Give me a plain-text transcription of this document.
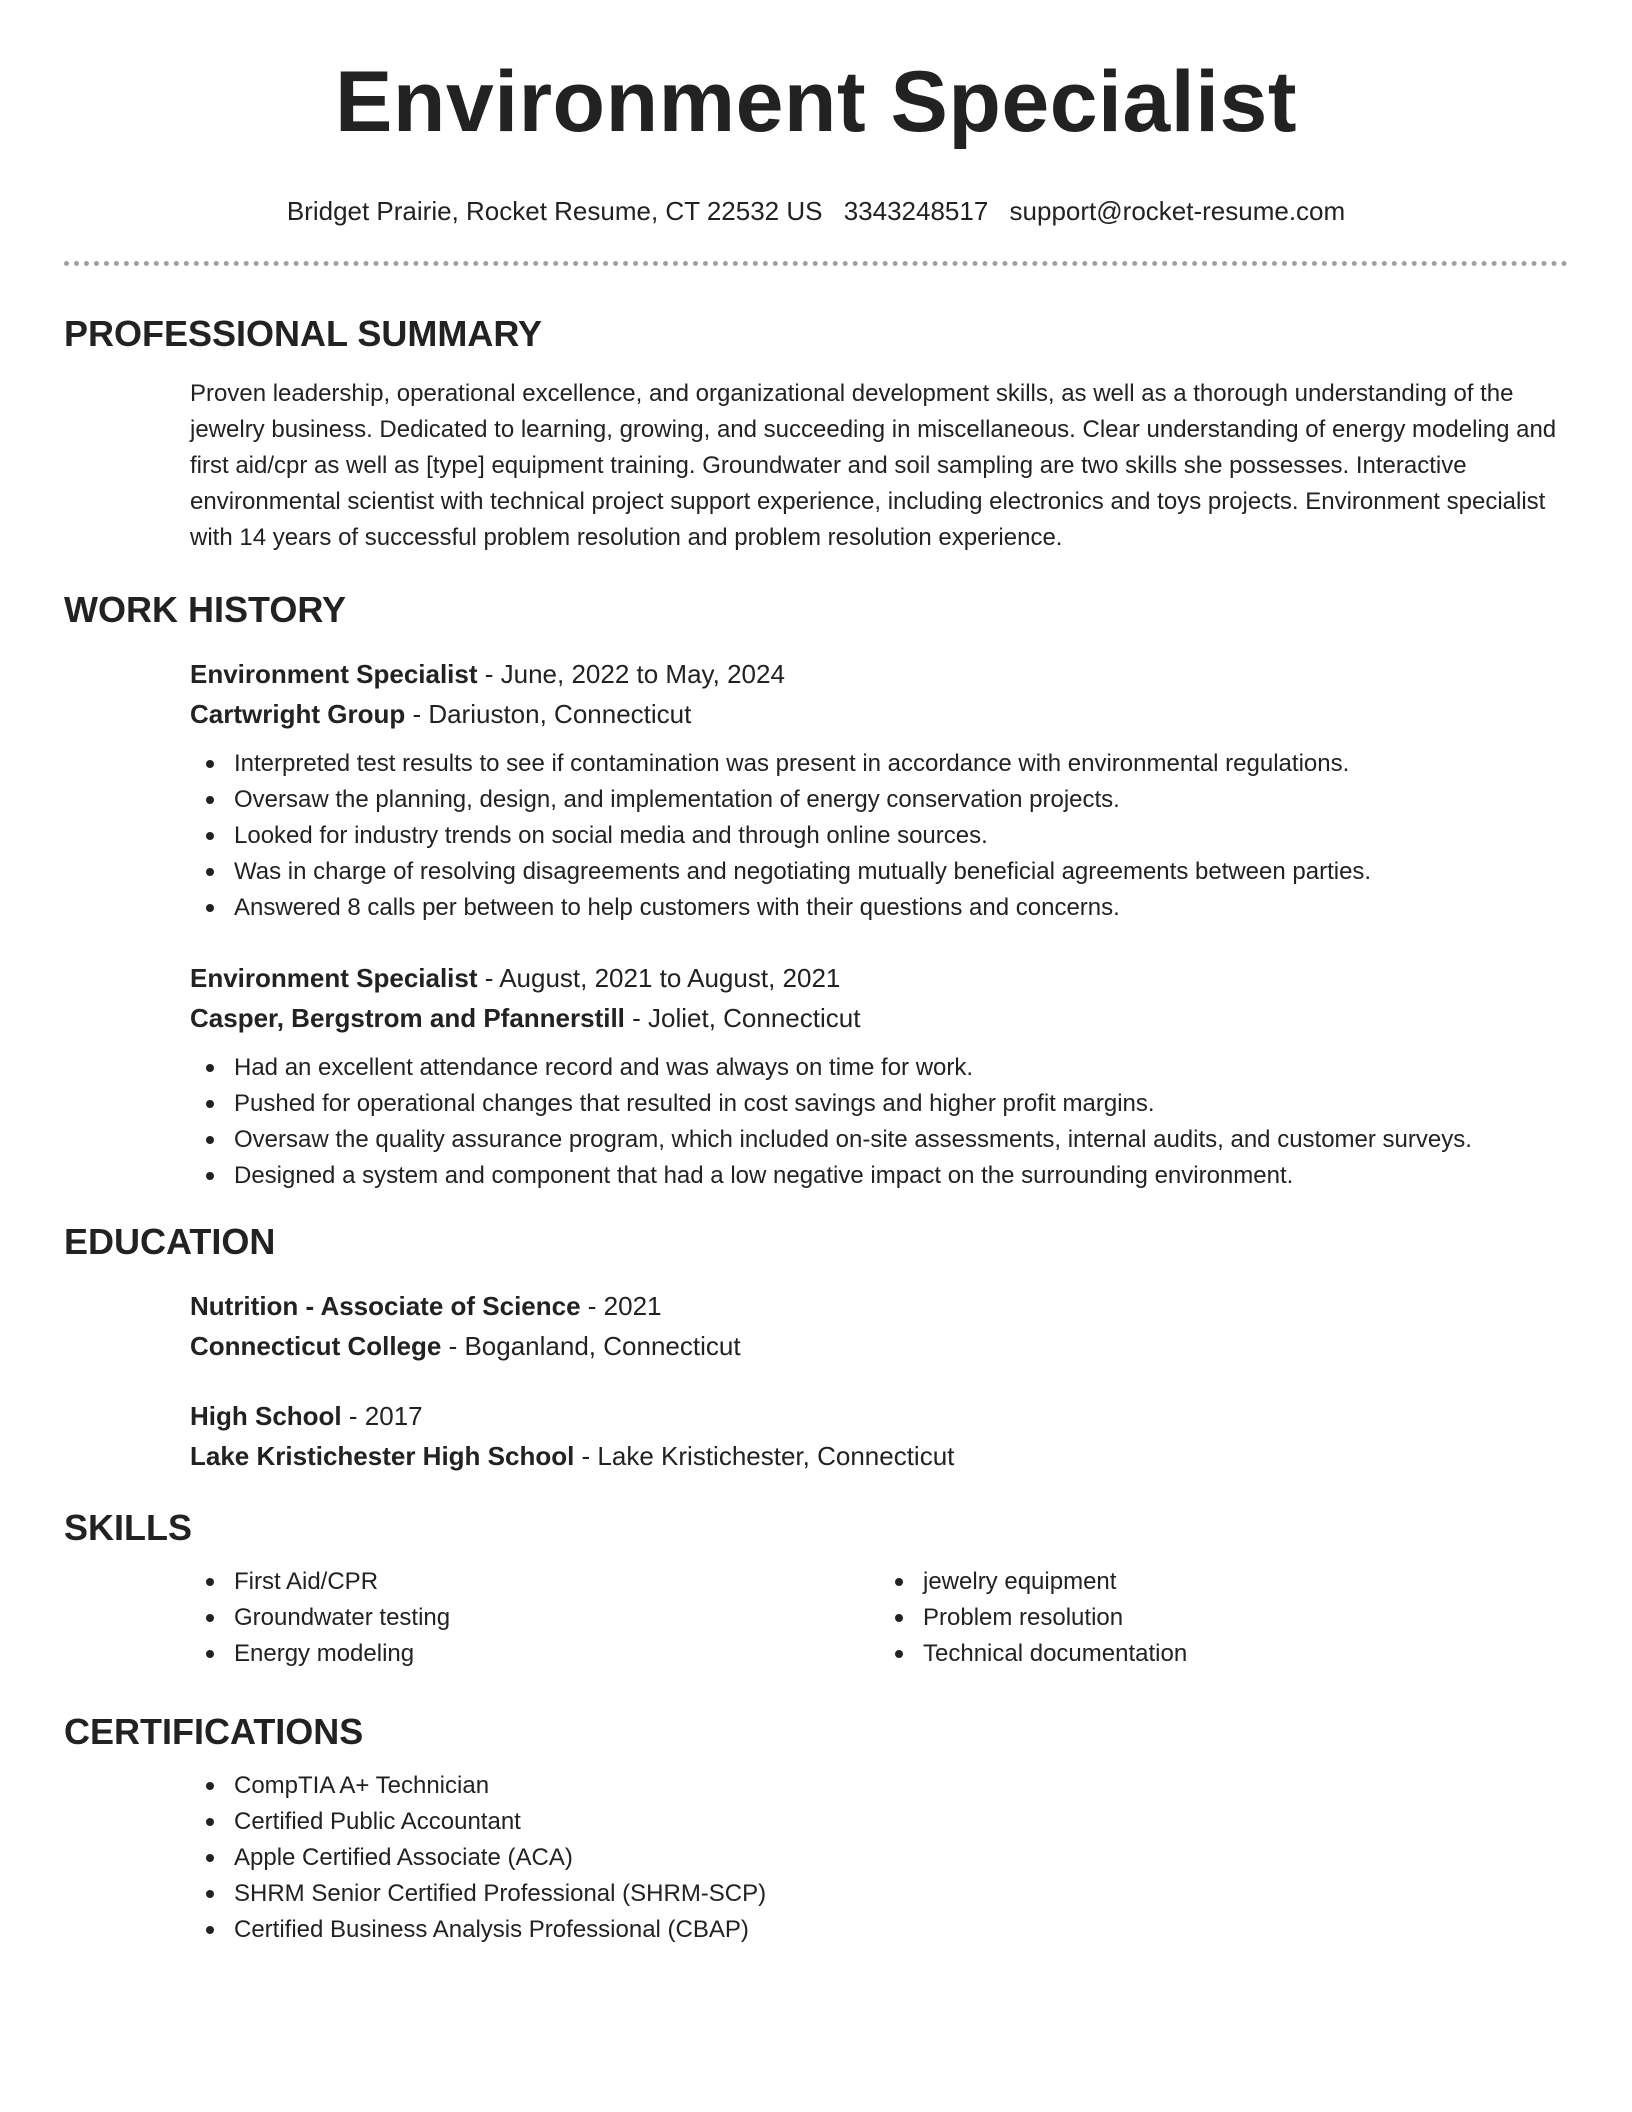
Environment Specialist
Bridget Prairie, Rocket Resume, CT 22532 US 3343248517 support@rocket-resume.com
PROFESSIONAL SUMMARY

Proven leadership, operational excellence, and organizational development skills, as well as a thorough understanding of the jewelry business. Dedicated to learning, growing, and succeeding in miscellaneous. Clear understanding of energy modeling and first aid/cpr as well as [type] equipment training. Groundwater and soil sampling are two skills she possesses. Interactive environmental scientist with technical project support experience, including electronics and toys projects. Environment specialist with 14 years of successful problem resolution and problem resolution experience.

WORK HISTORY
Environment Specialist - June, 2022 to May, 2024
Cartwright Group - Dariuston, Connecticut
Interpreted test results to see if contamination was present in accordance with environmental regulations.
Oversaw the planning, design, and implementation of energy conservation projects.
Looked for industry trends on social media and through online sources.
Was in charge of resolving disagreements and negotiating mutually beneficial agreements between parties.
Answered 8 calls per between to help customers with their questions and concerns.
Environment Specialist - August, 2021 to August, 2021
Casper, Bergstrom and Pfannerstill - Joliet, Connecticut
Had an excellent attendance record and was always on time for work.
Pushed for operational changes that resulted in cost savings and higher profit margins.
Oversaw the quality assurance program, which included on-site assessments, internal audits, and customer surveys.
Designed a system and component that had a low negative impact on the surrounding environment.
EDUCATION
Nutrition - Associate of Science - 2021
Connecticut College - Boganland, Connecticut
High School - 2017
Lake Kristichester High School - Lake Kristichester, Connecticut
SKILLS
First Aid/CPR
Groundwater testing
Energy modeling
jewelry equipment
Problem resolution
Technical documentation
CERTIFICATIONS
CompTIA A+ Technician
Certified Public Accountant
Apple Certified Associate (ACA)
SHRM Senior Certified Professional (SHRM-SCP)
Certified Business Analysis Professional (CBAP)
